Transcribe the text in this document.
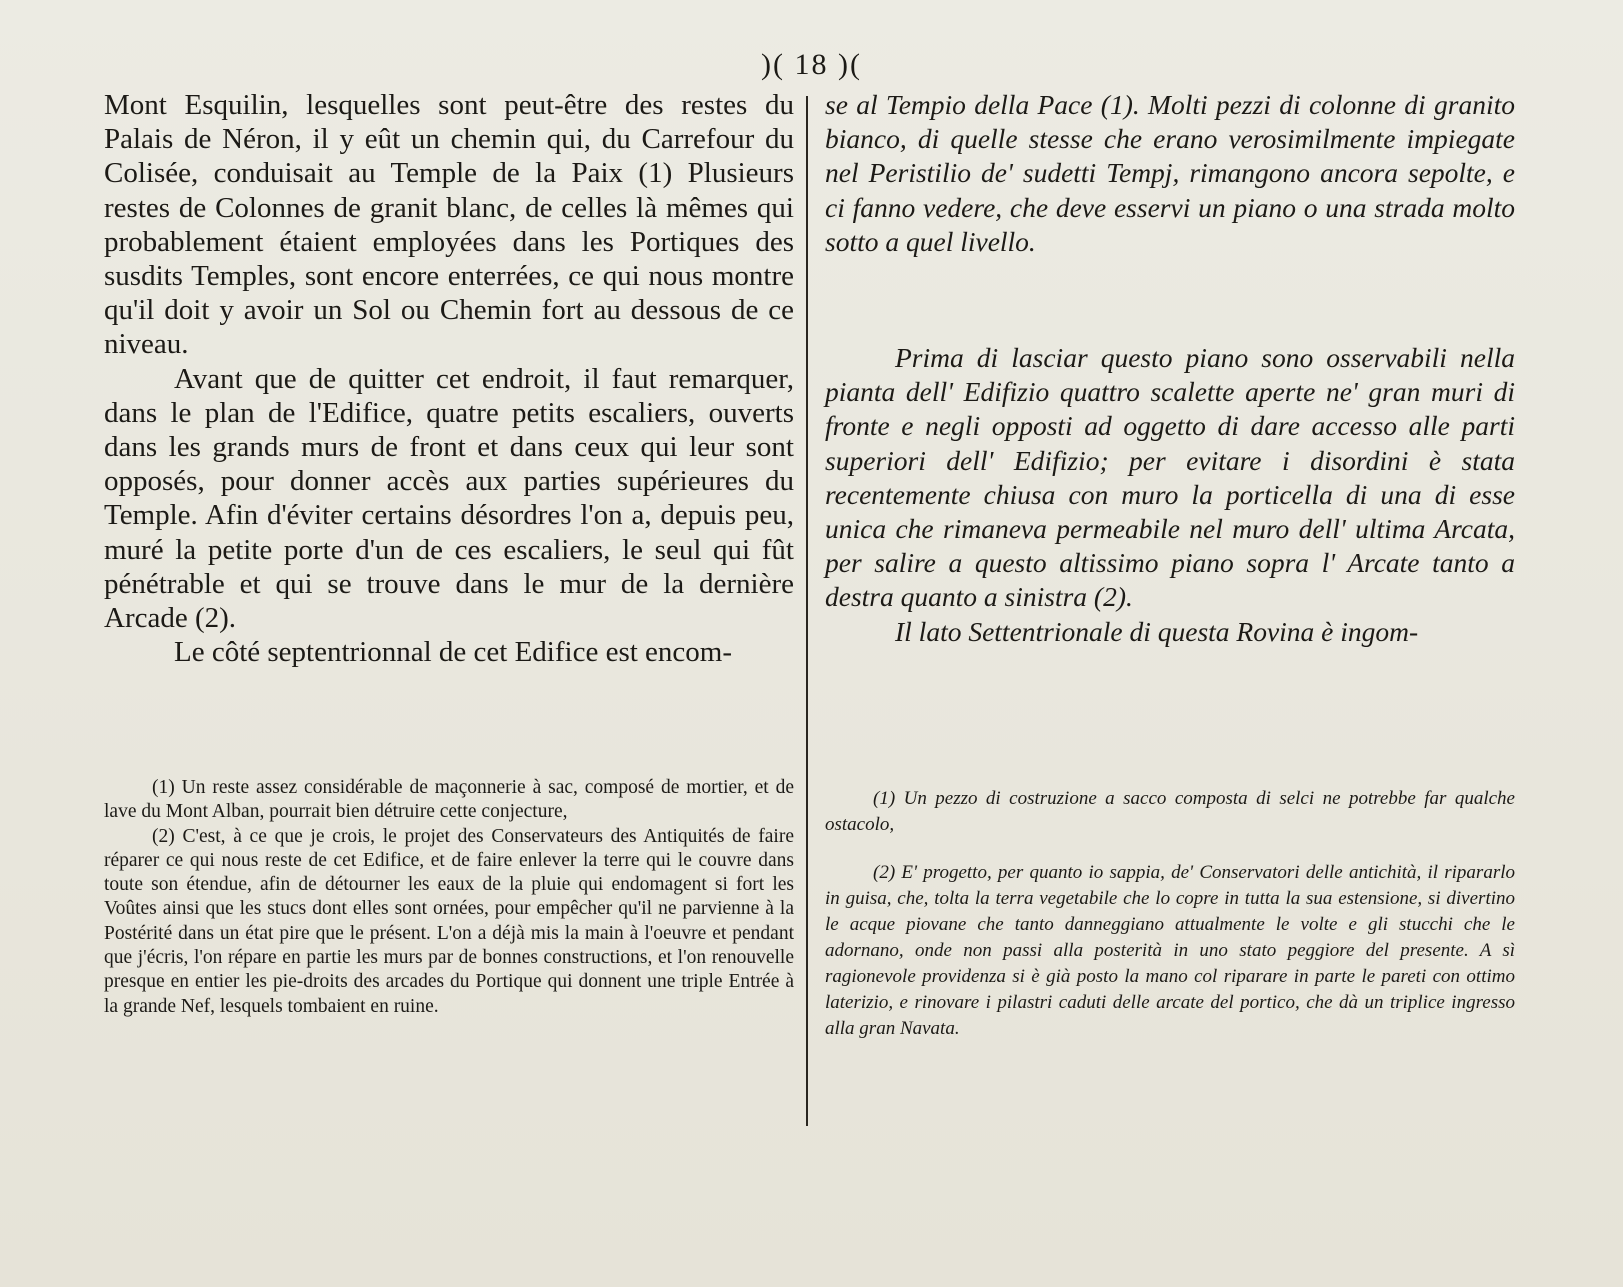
)( 18 )(

Mont Esquilin, lesquelles sont peut-être des restes du Palais de Néron, il y eût un chemin qui, du Carrefour du Colisée, conduisait au Temple de la Paix (1) Plusieurs restes de Colonnes de granit blanc, de celles là mêmes qui probablement étaient employées dans les Portiques des susdits Temples, sont encore enterrées, ce qui nous montre qu'il doit y avoir un Sol ou Chemin fort au dessous de ce niveau.

Avant que de quitter cet endroit, il faut remarquer, dans le plan de l'Edifice, quatre petits escaliers, ouverts dans les grands murs de front et dans ceux qui leur sont opposés, pour donner accès aux parties supérieures du Temple. Afin d'éviter certains désordres l'on a, depuis peu, muré la petite porte d'un de ces escaliers, le seul qui fût pénétrable et qui se trouve dans le mur de la dernière Arcade (2).

Le côté septentrionnal de cet Edifice est encom-

(1) Un reste assez considérable de maçonnerie à sac, composé de mortier, et de lave du Mont Alban, pourrait bien détruire cette conjecture,

(2) C'est, à ce que je crois, le projet des Conservateurs des Antiquités de faire réparer ce qui nous reste de cet Edifice, et de faire enlever la terre qui le couvre dans toute son étendue, afin de détourner les eaux de la pluie qui endomagent si fort les Voûtes ainsi que les stucs dont elles sont ornées, pour empêcher qu'il ne parvienne à la Postérité dans un état pire que le présent. L'on a déjà mis la main à l'oeuvre et pendant que j'écris, l'on répare en partie les murs par de bonnes constructions, et l'on renouvelle presque en entier les pie-droits des arcades du Portique qui donnent une triple Entrée à la grande Nef, lesquels tombaient en ruine.

se al Tempio della Pace (1). Molti pezzi di colonne di granito bianco, di quelle stesse che erano verosimilmente impiegate nel Peristilio de' sudetti Tempj, rimangono ancora sepolte, e ci fanno vedere, che deve esservi un piano o una strada molto sotto a quel livello.

Prima di lasciar questo piano sono osservabili nella pianta dell' Edifizio quattro scalette aperte ne' gran muri di fronte e negli opposti ad oggetto di dare accesso alle parti superiori dell' Edifizio; per evitare i disordini è stata recentemente chiusa con muro la porticella di una di esse unica che rimaneva permeabile nel muro dell' ultima Arcata, per salire a questo altissimo piano sopra l' Arcate tanto a destra quanto a sinistra (2).

Il lato Settentrionale di questa Rovina è ingom-

(1) Un pezzo di costruzione a sacco composta di selci ne potrebbe far qualche ostacolo,

(2) E' progetto, per quanto io sappia, de' Conservatori delle antichità, il ripararlo in guisa, che, tolta la terra vegetabile che lo copre in tutta la sua estensione, si divertino le acque piovane che tanto danneggiano attualmente le volte e gli stucchi che le adornano, onde non passi alla posterità in uno stato peggiore del presente. A sì ragionevole providenza si è già posto la mano col riparare in parte le pareti con ottimo laterizio, e rinovare i pilastri caduti delle arcate del portico, che dà un triplice ingresso alla gran Navata.
